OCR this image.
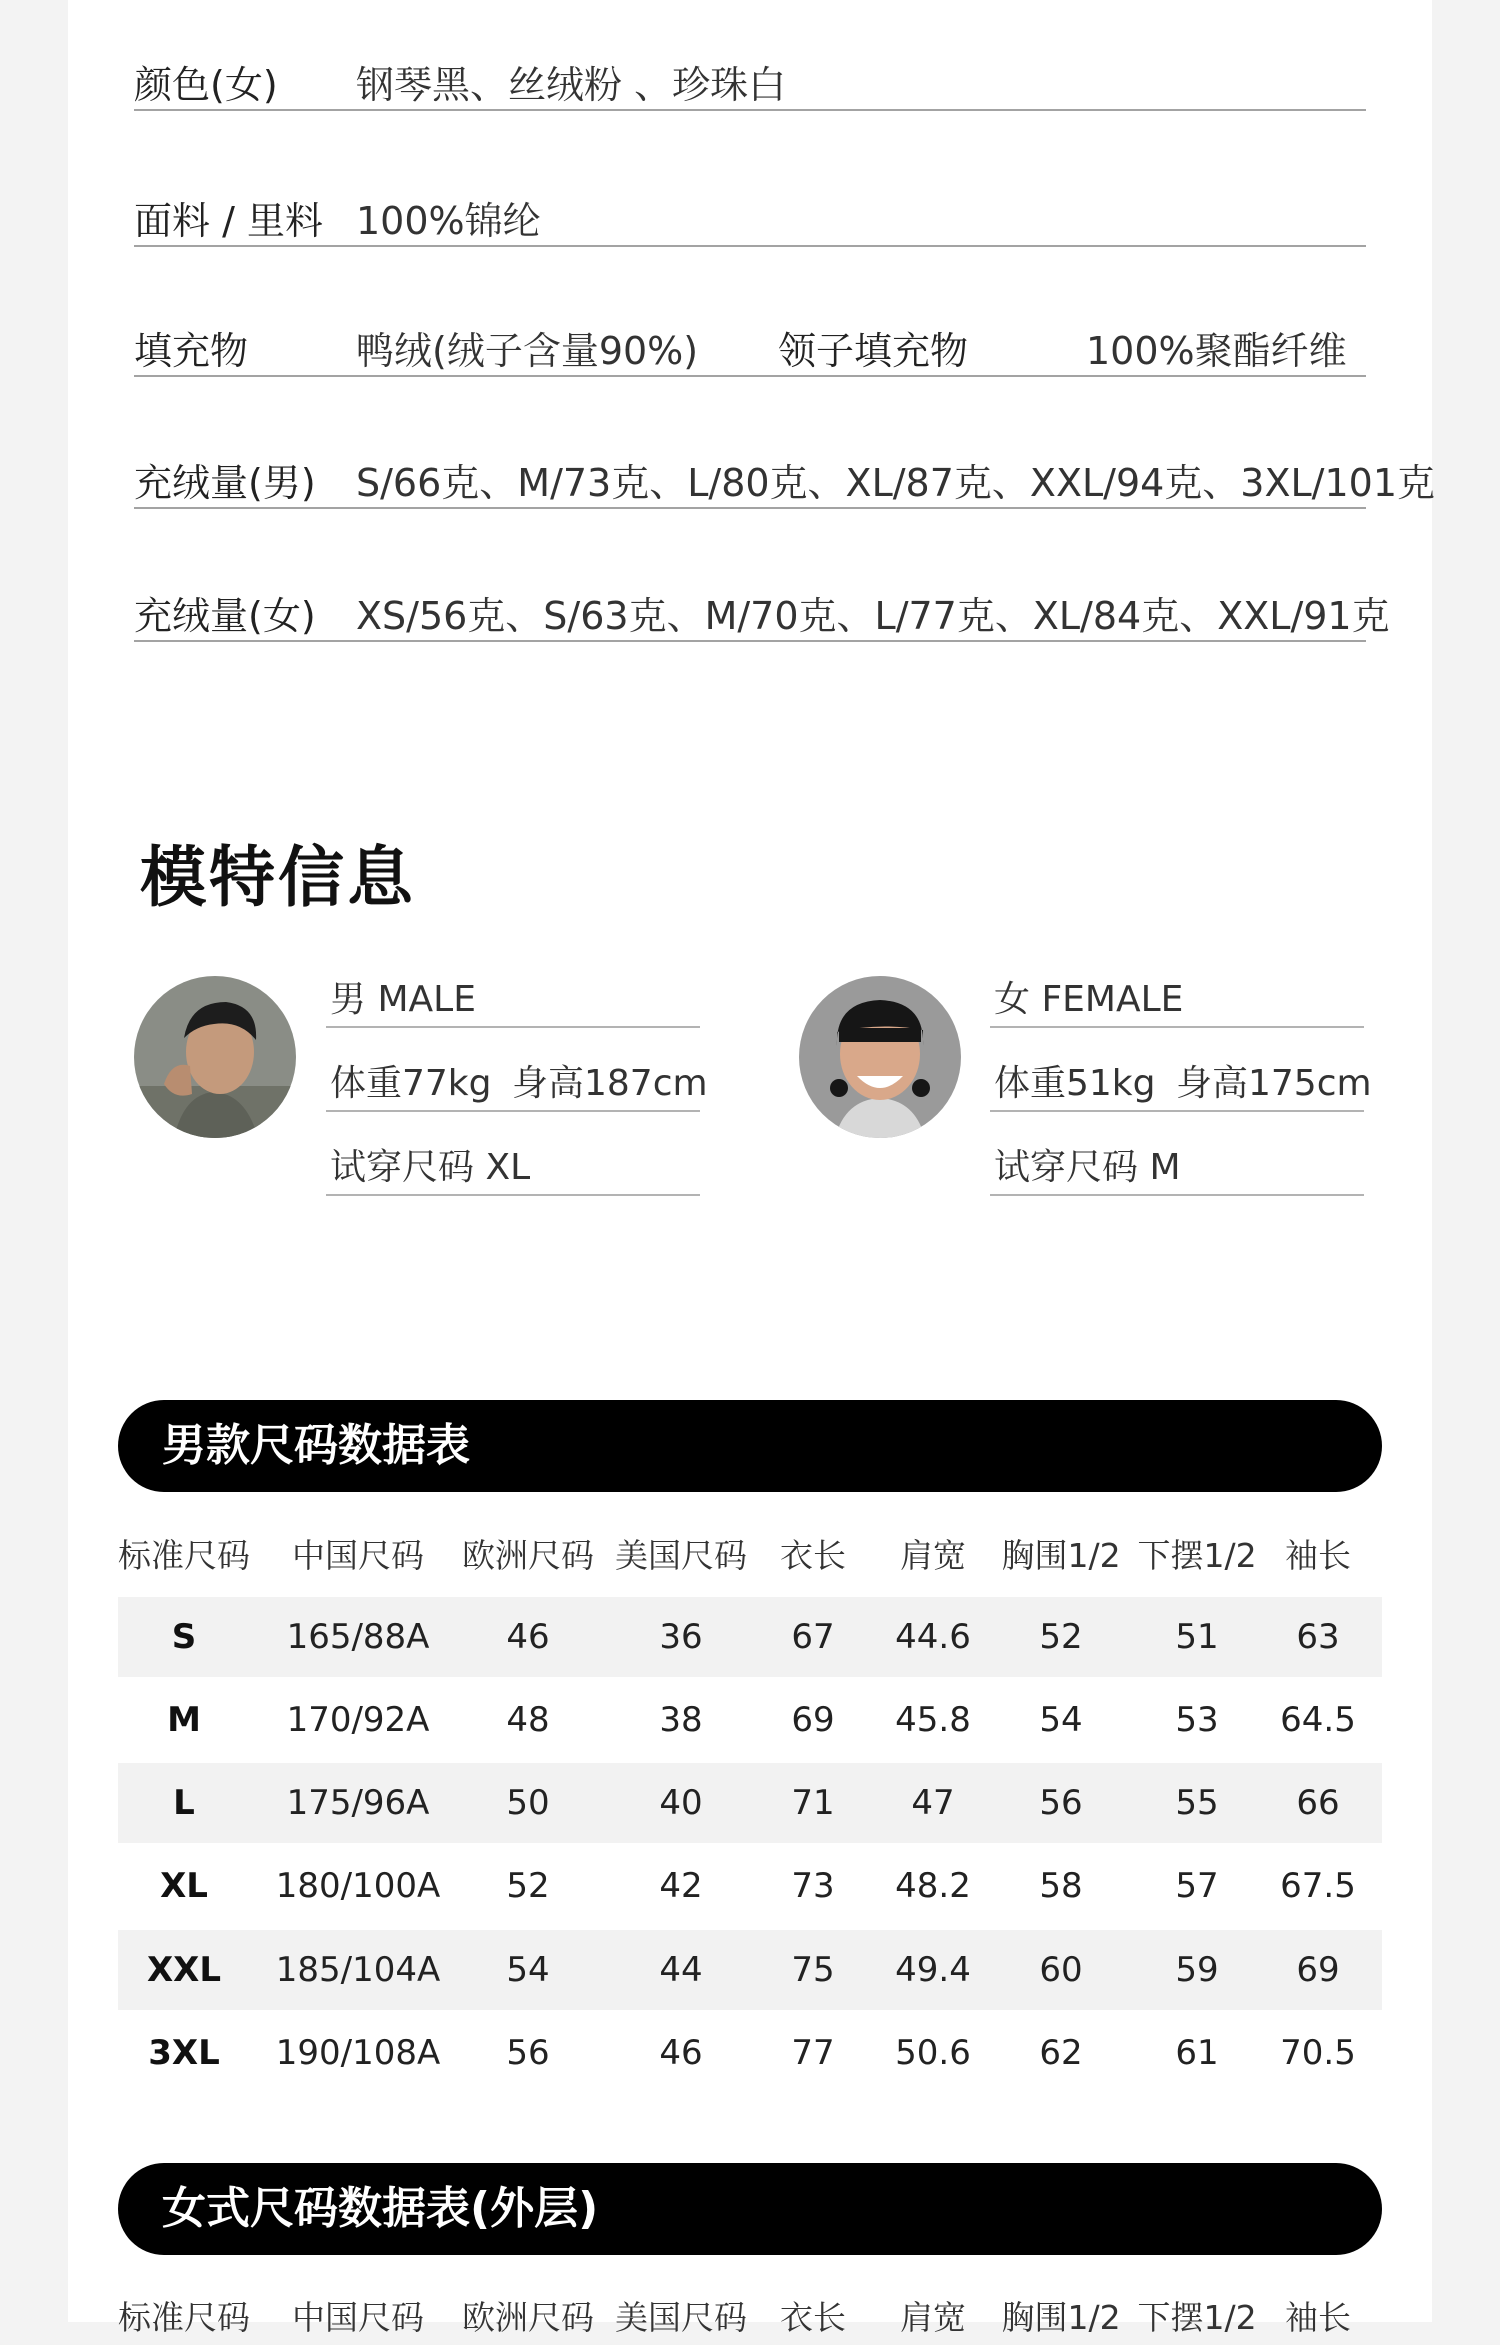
颜色(女) 钢琴黑、丝绒粉 、珍珠白
面料 / 里料 100%锦纶
填充物	鸭绒(绒子含量90%) 领子填充物	100%聚酯纤维
充绒量(男) S/66克、M/73克、L/80克、XL/87克、XXL/94克、3XL/101克
充绒量(女) XS/56克、S/63克、M/70克、L/77克、XL/84克、XXL/91克
模特信息
男 MALE
体重77kg 身高187cm
试穿尺码 XL
女 FEMALE
体重51kg 身高175cm
试穿尺码 M
男款尺码数据表
标准尺码 中国尺码 欧洲尺码 美国尺码 衣长 肩宽 胸围1/2 下摆1/2 袖长
S	165/88A 46	36	67 44.6 52	51 63
M	170/92A 48	38	69 45.8 54	53 64.5
L	175/96A 50	40	71 47 56	55 66
XL 180/100A 52	42	73 48.2 58	57 67.5
XXL 185/104A 54	44	75 49.4 60	59 69
3XL 190/108A 56	46	77 50.6 62	61 70.5
女式尺码数据表(外层)
标准尺码 中国尺码 欧洲尺码 美国尺码 衣长 肩宽 胸围1/2 下摆1/2 袖长
